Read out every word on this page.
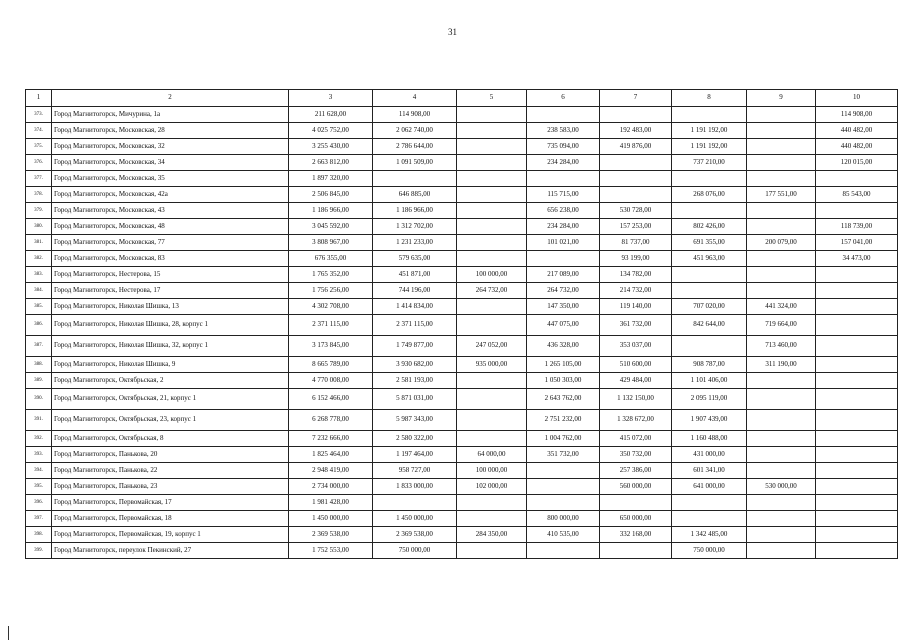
31
1	2	3	4	5	6	7	8	9	10
373.	Город Магнитогорск, Мичурина, 1а	211 628,00	114 908,00						114 908,00
374.	Город Магнитогорск, Московская, 28	4 025 752,00	2 062 740,00		238 583,00	192 483,00	1 191 192,00		440 482,00
375.	Город Магнитогорск, Московская, 32	3 255 430,00	2 786 644,00		735 094,00	419 876,00	1 191 192,00		440 482,00
376.	Город Магнитогорск, Московская, 34	2 663 812,00	1 091 509,00		234 284,00		737 210,00		120 015,00
377.	Город Магнитогорск, Московская, 35	1 897 320,00							
378.	Город Магнитогорск, Московская, 42а	2 506 845,00	646 885,00		115 715,00		268 076,00	177 551,00	85 543,00
379.	Город Магнитогорск, Московская, 43	1 186 966,00	1 186 966,00		656 238,00	530 728,00			
380.	Город Магнитогорск, Московская, 48	3 045 592,00	1 312 702,00		234 284,00	157 253,00	802 426,00		118 739,00
381.	Город Магнитогорск, Московская, 77	3 808 967,00	1 231 233,00		101 021,00	81 737,00	691 355,00	200 079,00	157 041,00
382.	Город Магнитогорск, Московская, 83	676 355,00	579 635,00			93 199,00	451 963,00		34 473,00
383.	Город Магнитогорск, Нестерова, 15	1 765 352,00	451 871,00	100 000,00	217 089,00	134 782,00			
384.	Город Магнитогорск, Нестерова, 17	1 756 256,00	744 196,00	264 732,00	264 732,00	214 732,00			
385.	Город Магнитогорск, Николая Шишка, 13	4 302 708,00	1 414 834,00		147 350,00	119 140,00	707 020,00	441 324,00	
386.	Город Магнитогорск, Николая Шишка, 28, корпус 1	2 371 115,00	2 371 115,00		447 075,00	361 732,00	842 644,00	719 664,00	
387.	Город Магнитогорск, Николая Шишка, 32, корпус 1	3 173 845,00	1 749 877,00	247 052,00	436 328,00	353 037,00		713 460,00	
388.	Город Магнитогорск, Николая Шишка, 9	8 665 789,00	3 930 682,00	935 000,00	1 265 105,00	510 600,00	908 787,00	311 190,00	
389.	Город Магнитогорск, Октябрьская, 2	4 770 008,00	2 581 193,00		1 050 303,00	429 484,00	1 101 406,00		
390.	Город Магнитогорск, Октябрьская, 21, корпус 1	6 152 466,00	5 871 031,00		2 643 762,00	1 132 150,00	2 095 119,00		
391.	Город Магнитогорск, Октябрьская, 23, корпус 1	6 268 778,00	5 987 343,00		2 751 232,00	1 328 672,00	1 907 439,00		
392.	Город Магнитогорск, Октябрьская, 8	7 232 666,00	2 580 322,00		1 004 762,00	415 072,00	1 160 488,00		
393.	Город Магнитогорск, Панькова, 20	1 825 464,00	1 197 464,00	64 000,00	351 732,00	350 732,00	431 000,00		
394.	Город Магнитогорск, Панькова, 22	2 948 419,00	958 727,00	100 000,00		257 386,00	601 341,00		
395.	Город Магнитогорск, Панькова, 23	2 734 000,00	1 833 000,00	102 000,00		560 000,00	641 000,00	530 000,00	
396.	Город Магнитогорск, Первомайская, 17	1 981 428,00							
397.	Город Магнитогорск, Первомайская, 18	1 450 000,00	1 450 000,00		800 000,00	650 000,00			
398.	Город Магнитогорск, Первомайская, 19, корпус 1	2 369 538,00	2 369 538,00	284 350,00	410 535,00	332 168,00	1 342 485,00		
399.	Город Магнитогорск, переулок Пекинский, 27	1 752 553,00	750 000,00				750 000,00		
